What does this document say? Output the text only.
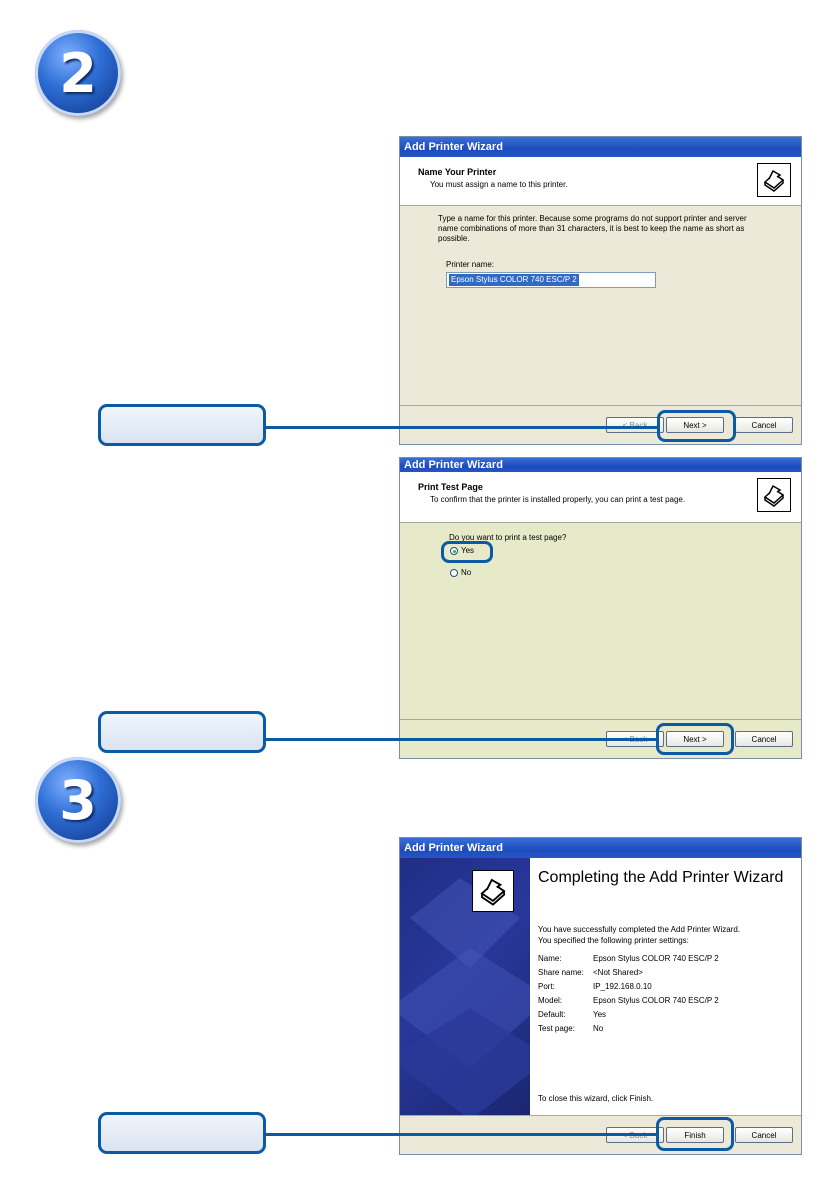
2
Add Printer Wizard
Name Your Printer
You must assign a name to this printer.
Type a name for this printer. Because some programs do not support printer and server name combinations of more than 31 characters, it is best to keep the name as short as possible.
Printer name:
Epson Stylus COLOR 740 ESC/P 2
Next >	Cancel
Add Printer Wizard
Print Test Page
To confirm that the printer is installed properly, you can print a test page.
Do you want to print a test page?
Yes
No
Next >	Cancel
3
Add Printer Wizard
Completing the Add Printer Wizard
You have successfully completed the Add Printer Wizard.
You specified the following printer settings:
Name:	Epson Stylus COLOR 740 ESC/P 2
Share name: <Not Shared>
Port:	IP_192.168.0.10
Model:	Epson Stylus COLOR 740 ESC/P 2
Default:	Yes
Test page: No
To close this wizard, click Finish.
Finish	Cancel
